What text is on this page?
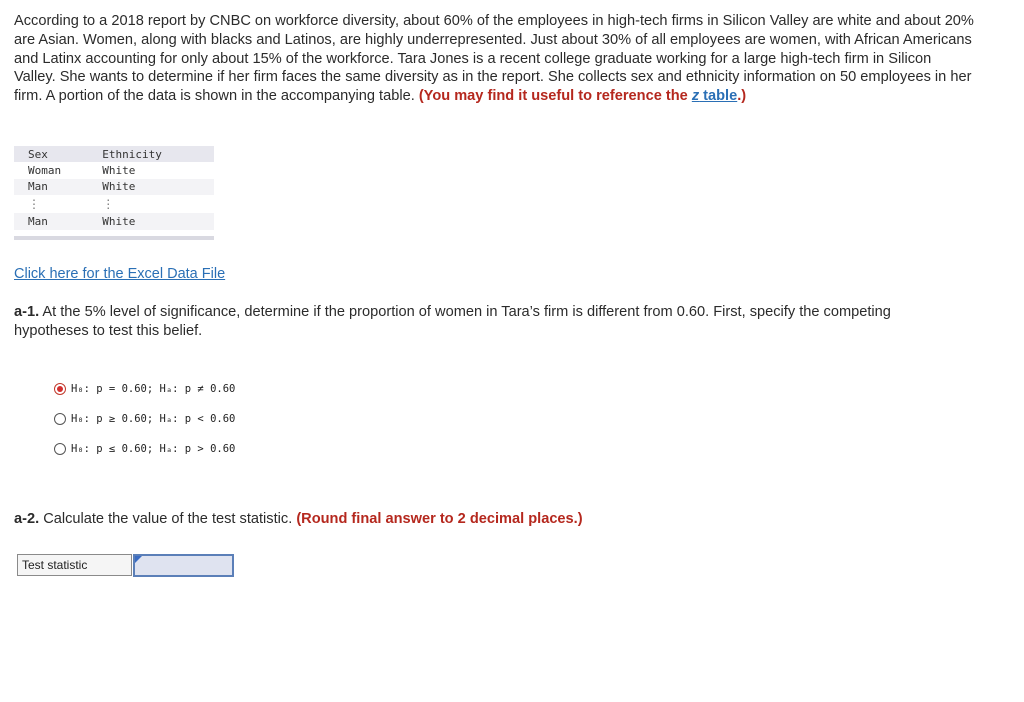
According to a 2018 report by CNBC on workforce diversity, about 60% of the employees in high-tech firms in Silicon Valley are white and about 20% are Asian. Women, along with blacks and Latinos, are highly underrepresented. Just about 30% of all employees are women, with African Americans and Latinx accounting for only about 15% of the workforce. Tara Jones is a recent college graduate working for a large high-tech firm in Silicon Valley. She wants to determine if her firm faces the same diversity as in the report. She collects sex and ethnicity information on 50 employees in her firm. A portion of the data is shown in the accompanying table. (You may find it useful to reference the z table.)

Sex	Ethnicity
Woman	White
Man	White
⋮	⋮
Man	White
Click here for the Excel Data File

a-1. At the 5% level of significance, determine if the proportion of women in Tara’s firm is different from 0.60. First, specify the competing hypotheses to test this belief.

H₀: p = 0.60; Hₐ: p ≠ 0.60
H₀: p ≥ 0.60; Hₐ: p < 0.60
H₀: p ≤ 0.60; Hₐ: p > 0.60

a-2. Calculate the value of the test statistic. (Round final answer to 2 decimal places.)

Test statistic
